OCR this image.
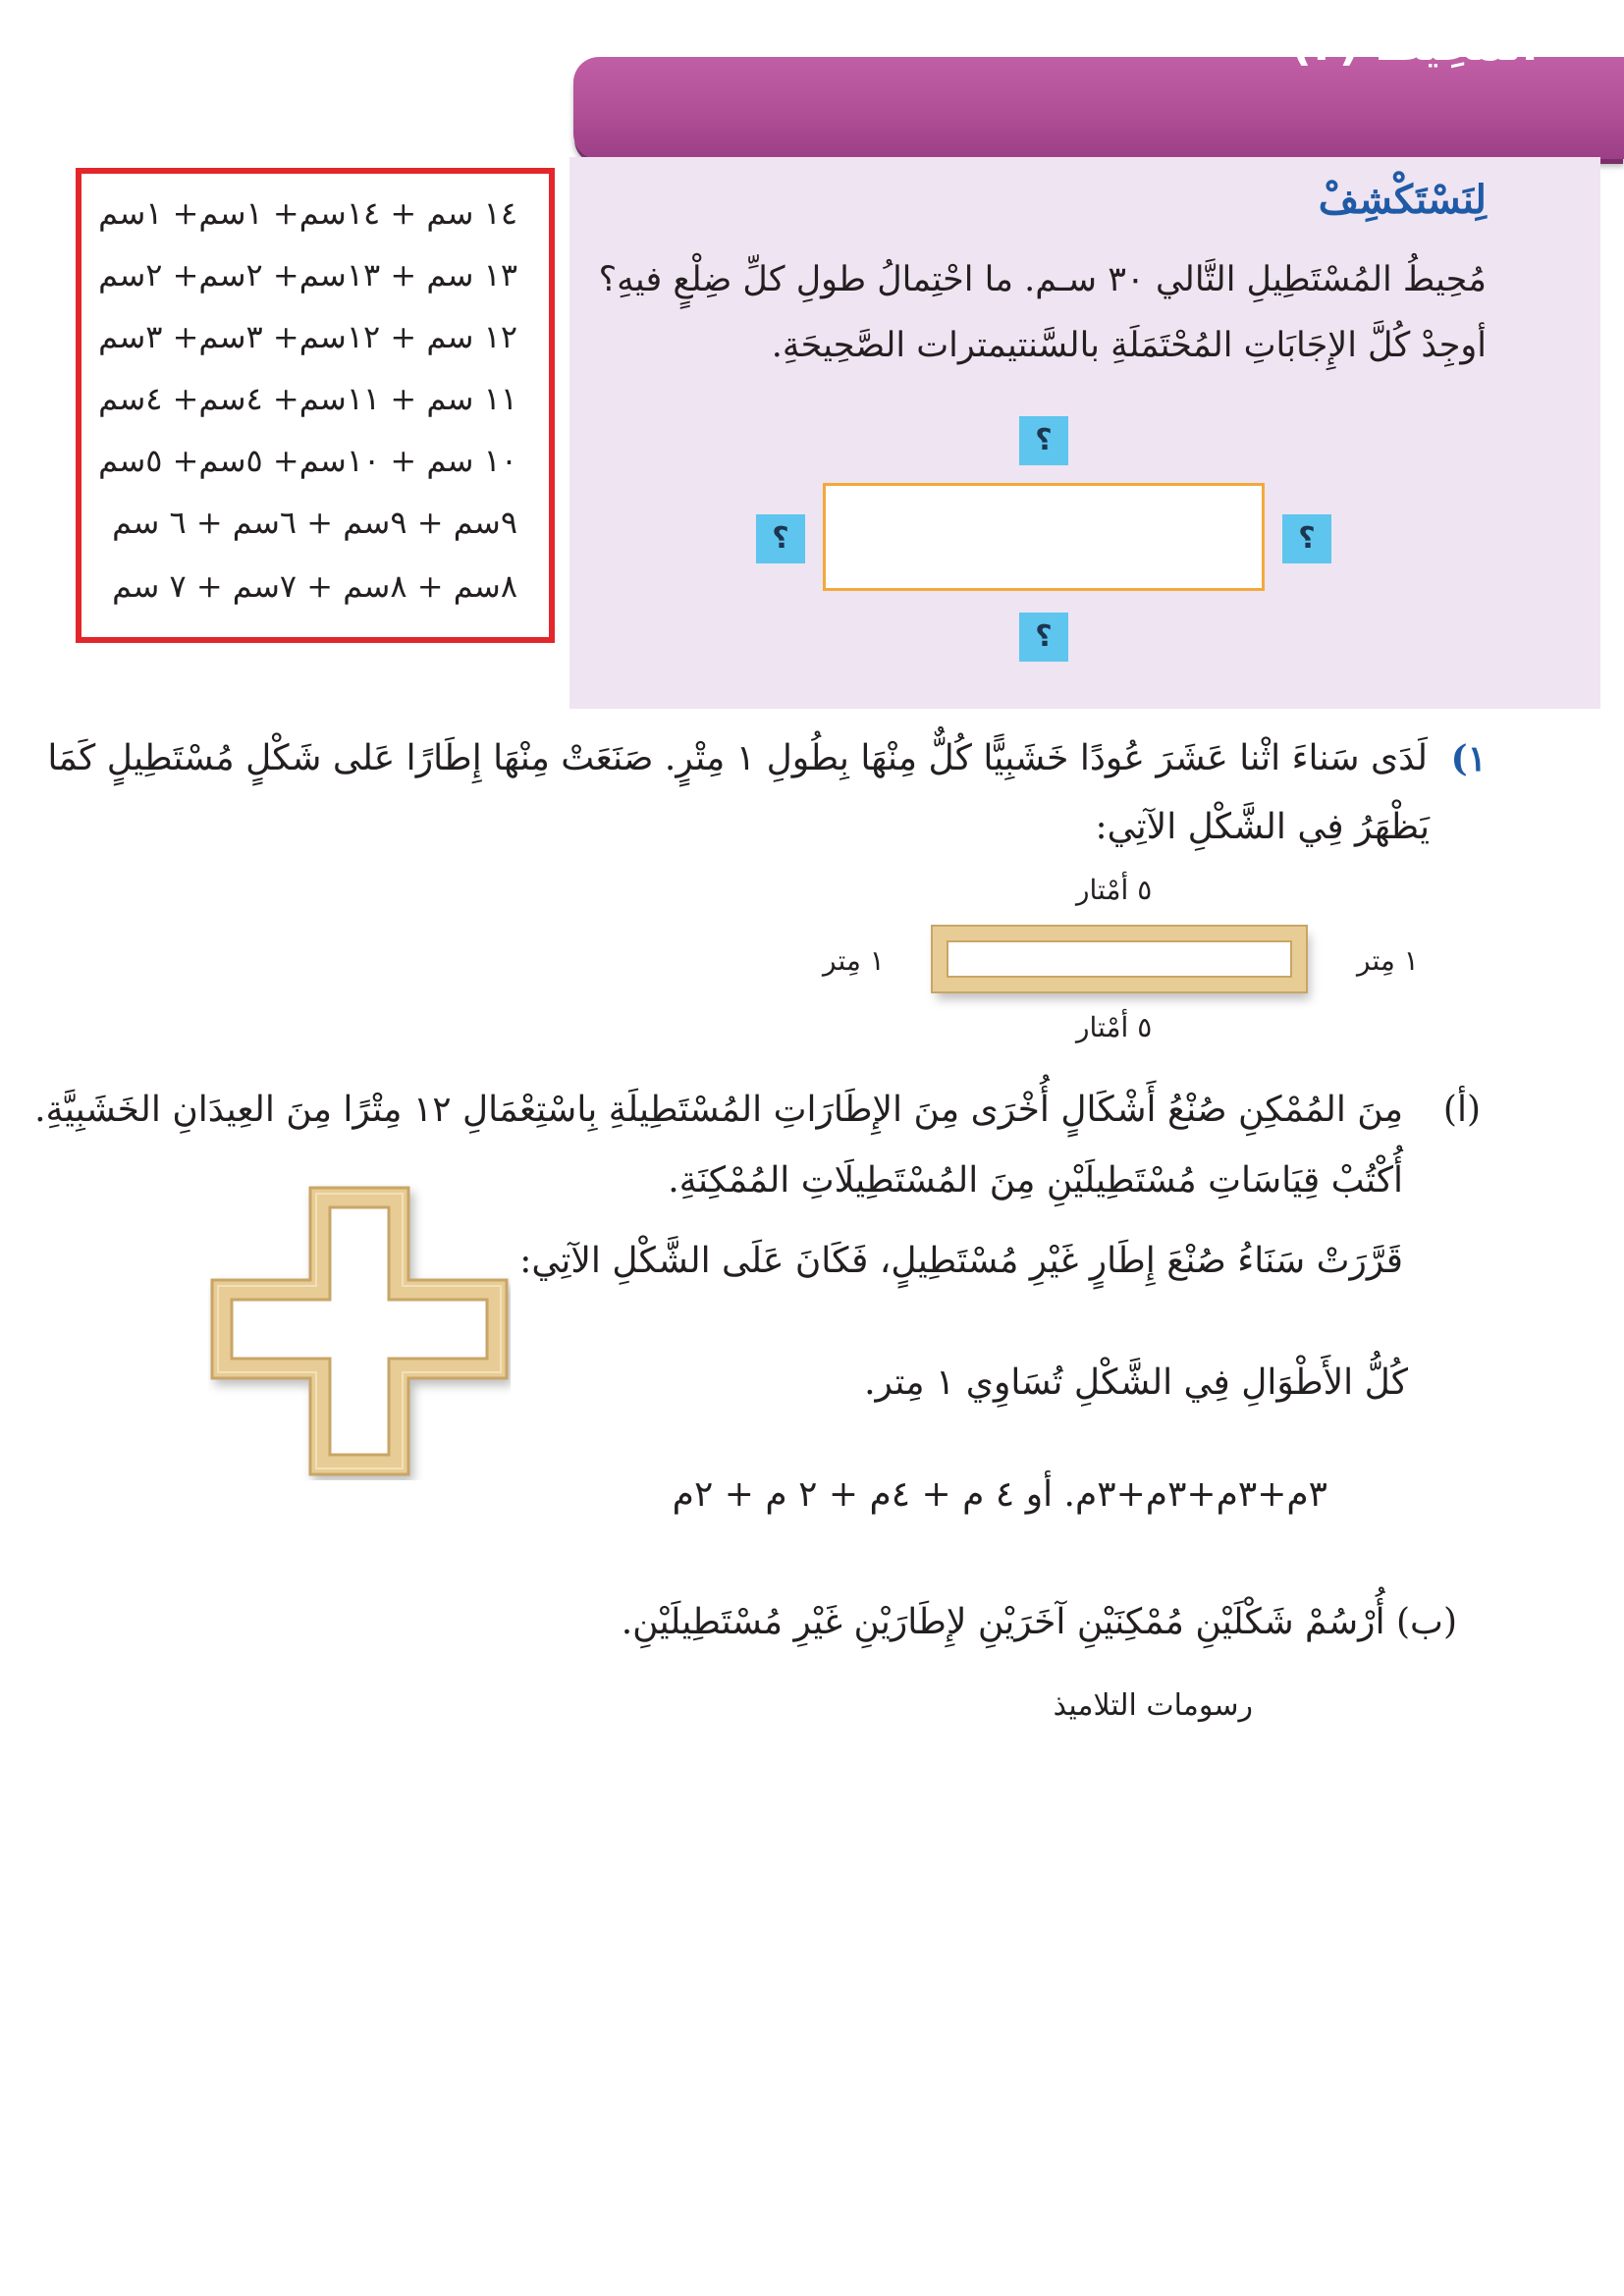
المُحِيطُ (٢)
لِنَسْتَكْشِفْ
مُحِيطُ المُسْتَطِيلِ التَّالي ٣٠ سـم. ما احْتِمالُ طولِ كلِّ ضِلْعٍ فيهِ؟
أوجِدْ كُلَّ الإِجَابَاتِ المُحْتَمَلَةِ بالسَّنتيمترات الصَّحِيحَةِ.
؟
؟	؟
؟
١٤ سم + ١٤سم+ ١سم+ ١سم
١٣ سم + ١٣سم+ ٢سم+ ٢سم
١٢ سم + ١٢سم+ ٣سم+ ٣سم
١١ سم + ١١سم+ ٤سم+ ٤سم
١٠ سم + ١٠سم+ ٥سم+ ٥سم
٩سم + ٩سم + ٦سم + ٦ سم
٨سم + ٨سم + ٧سم + ٧ سم
١)
لَدَى سَناءَ اثْنا عَشَرَ عُودًا خَشَبِيًّا كُلٌّ مِنْهَا بِطُولِ ١ مِتْرٍ. صَنَعَتْ مِنْهَا إِطَارًا عَلى شَكْلٍ مُسْتَطِيلٍ كَمَا
يَظْهَرُ فِي الشَّكْلِ الآتِي:
٥ أمْتار
٥ أمْتار
١ مِتر
١ مِتر
(أ)
مِنَ المُمْكِنِ صُنْعُ أَشْكَالٍ أُخْرَى مِنَ الإِطَارَاتِ المُسْتَطِيلَةِ بِاسْتِعْمَالِ ١٢ مِتْرًا مِنَ العِيدَانِ الخَشَبِيَّةِ.
أُكْتُبْ قِيَاسَاتِ مُسْتَطِيلَيْنِ مِنَ المُسْتَطِيلَاتِ المُمْكِنَةِ.
قَرَّرَتْ سَنَاءُ صُنْعَ إِطَارٍ غَيْرِ مُسْتَطِيلٍ، فَكَانَ عَلَى الشَّكْلِ الآتِي:
كُلُّ الأَطْوَالِ فِي الشَّكْلِ تُسَاوِي ١ مِتر.
٣م+٣م+٣م+٣م. أو ٤ م + ٤م + ٢ م + ٢م
(ب) أُرْسُمْ شَكْلَيْنِ مُمْكِنَيْنِ آخَرَيْنِ لإِطَارَيْنِ غَيْرِ مُسْتَطِيلَيْنِ.
رسومات التلاميذ
